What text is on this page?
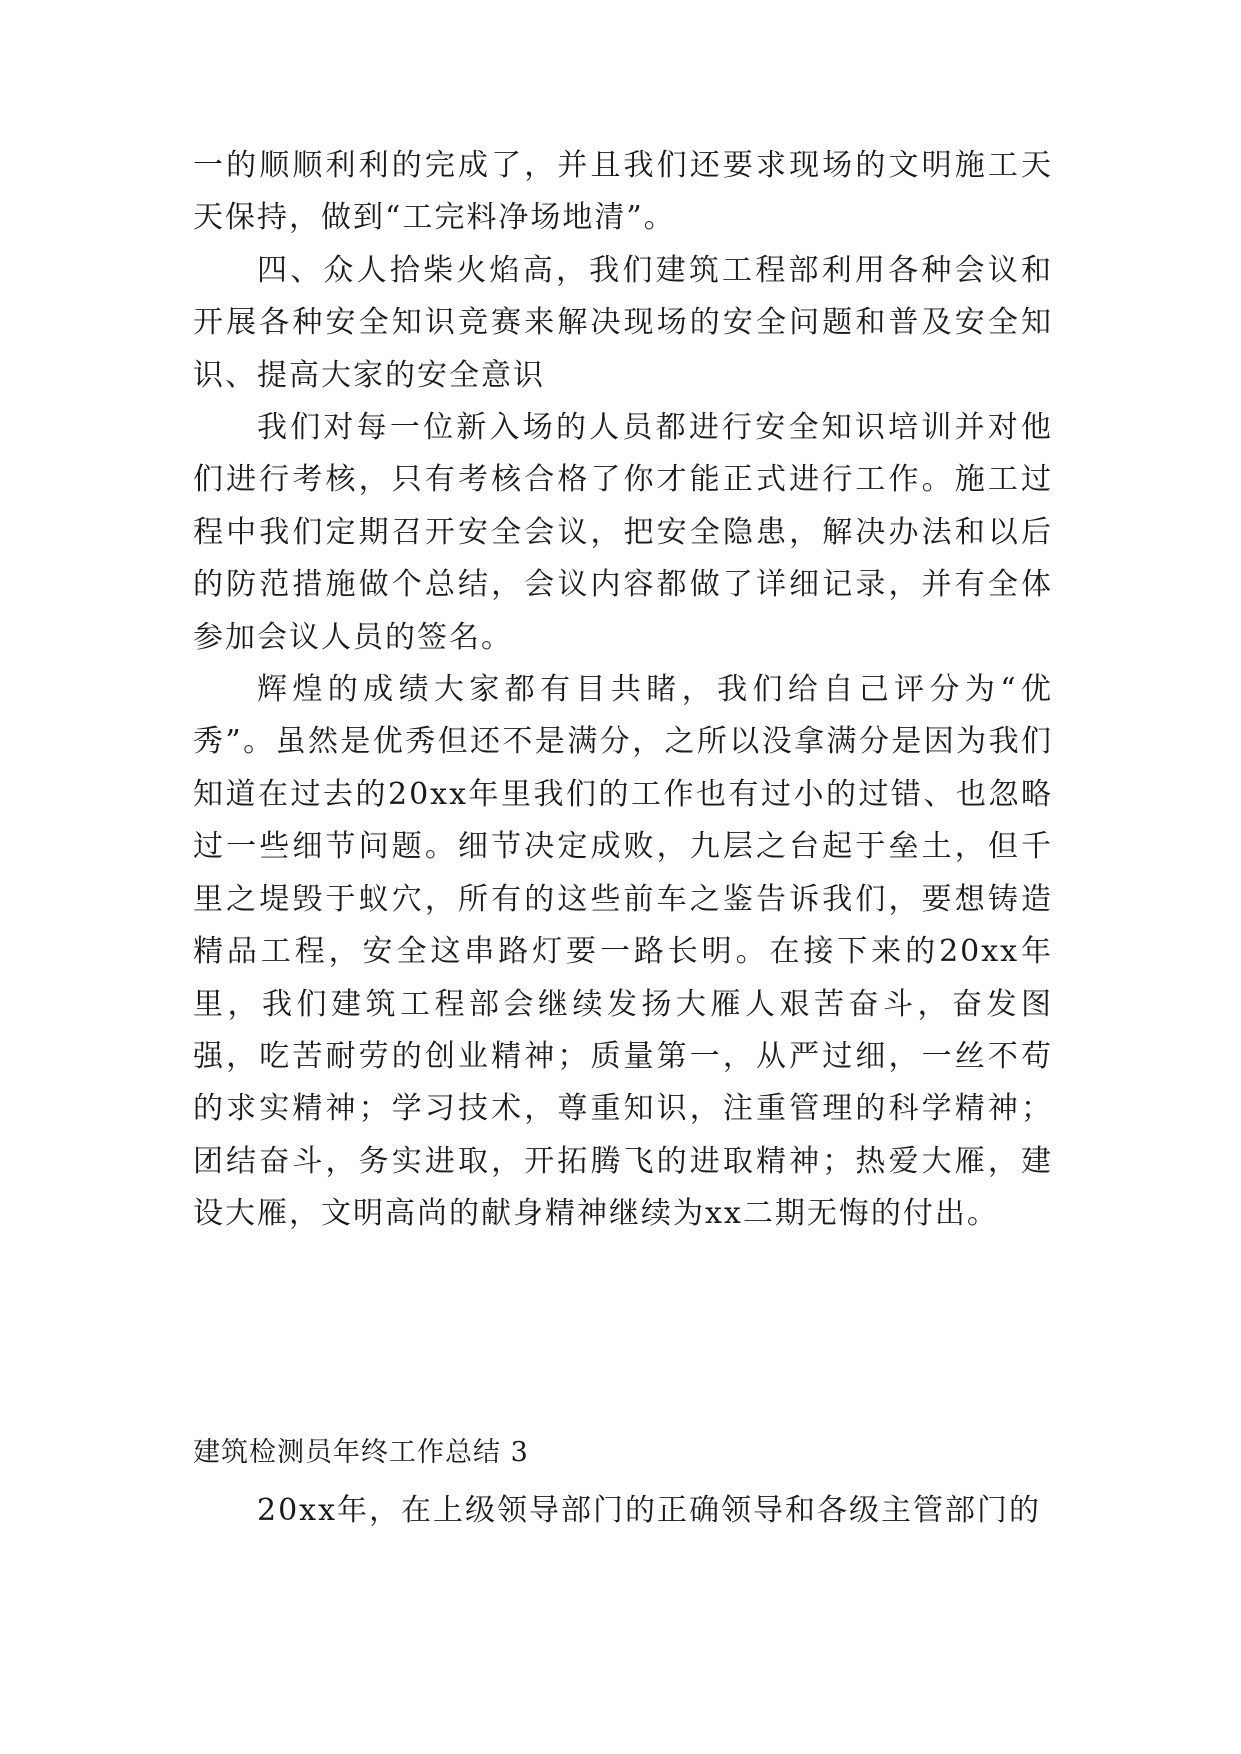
一的顺顺利利的完成了，并且我们还要求现场的文明施工天天保持，做到“工完料净场地清”。

四、众人拾柴火焰高，我们建筑工程部利用各种会议和开展各种安全知识竞赛来解决现场的安全问题和普及安全知识、提高大家的安全意识

我们对每一位新入场的人员都进行安全知识培训并对他们进行考核，只有考核合格了你才能正式进行工作。施工过程中我们定期召开安全会议，把安全隐患，解决办法和以后的防范措施做个总结，会议内容都做了详细记录，并有全体参加会议人员的签名。

辉煌的成绩大家都有目共睹，我们给自己评分为“优秀”。虽然是优秀但还不是满分，之所以没拿满分是因为我们知道在过去的20xx年里我们的工作也有过小的过错、也忽略过一些细节问题。细节决定成败，九层之台起于垒土，但千里之堤毁于蚁穴，所有的这些前车之鉴告诉我们，要想铸造精品工程，安全这串路灯要一路长明。在接下来的20xx年里，我们建筑工程部会继续发扬大雁人艰苦奋斗，奋发图强，吃苦耐劳的创业精神；质量第一，从严过细，一丝不苟的求实精神；学习技术，尊重知识，注重管理的科学精神；团结奋斗，务实进取，开拓腾飞的进取精神；热爱大雁，建设大雁，文明高尚的献身精神继续为xx二期无悔的付出。

建筑检测员年终工作总结 3

20xx年，在上级领导部门的正确领导和各级主管部门的
